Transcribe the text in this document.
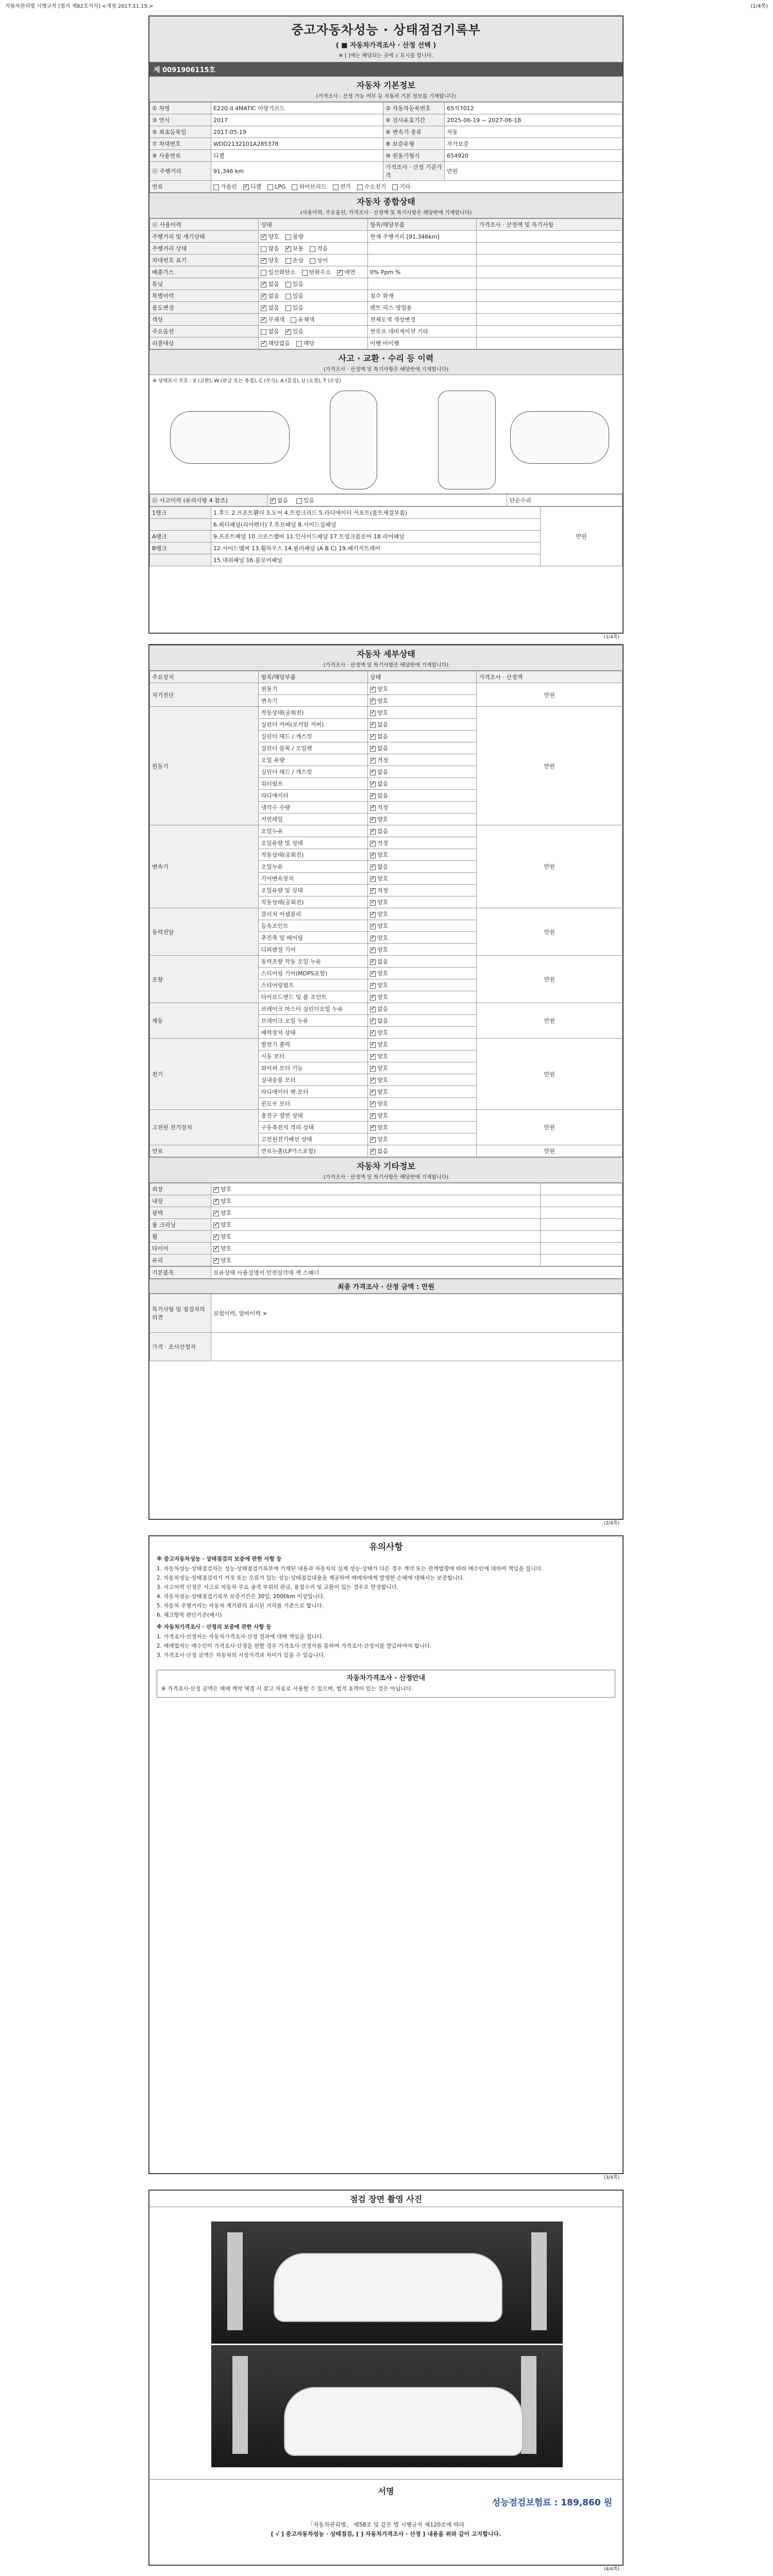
자동차관리법 시행규칙 [별지 제82호서식] <개정 2017.11.15.>	(1/4쪽)
중고자동차성능 · 상태점검기록부
( ■ 자동차가격조사 · 산정 선택 )
※ [ ]에는 해당되는 곳에 √ 표시를 합니다.
제 0091906115호
자동차 기본정보
(가격조사 · 산정 가능 여부 등 자동차 기본 정보를 기재합니다)
① 차명	E220 d 4MATIC 아방가르드	② 자동차등록번호	65저7012
③ 연식	2017	④ 검사유효기간	2025-06-19 ~ 2027-06-18
⑤ 최초등록일	2017-05-19	⑥ 변속기 종류	자동
⑦ 차대번호	WDD2132101A285378	⑧ 보증유형	자가보증
⑨ 사용연료	디젤	⑩ 원동기형식	654920
⑪ 주행거리	91,346 km	가격조사 · 산정 기준가격	만원
연료	가솔린 ✓ 디젤 LPG 하이브리드 전기 수소전기 기타
자동차 종합상태
(사용이력, 주요옵션, 가격조사 · 산정액 및 특기사항은 해당란에 기재합니다)
⑪ 사용이력	상태	항목/해당부품	가격조사 · 산정액 및 특기사항
주행거리 및 계기상태	✓양호 불량	현재 주행거리 [91,346km]	
주행거리 상태	많음 ✓ 보통 적음		
차대번호 표기	✓양호 손상 상이		
배출가스	일산화탄소 탄화수소 ✓ 매연	0% Ppm %	
튜닝	✓없음 있음		
특별이력	✓없음 있음	침수 화재	
용도변경	✓없음 있음	렌트 리스 영업용	
색상	✓무채색 유채색	전체도색 색상변경	
주요옵션	없음 ✓ 있음	썬루프 네비게이션 기타	
리콜대상	✓해당없음 해당	이행 미이행	
사고 · 교환 · 수리 등 이력
(가격조사 · 산정액 및 특기사항은 해당란에 기재합니다)
※ 상태표시 부호 : X (교환), W (판금 또는 용접), C (부식), A (흠집), U (요철), T (손상)
⑫ 사고이력 (유의사항 4 참조)	✓없음	있음	단순수리
1랭크	1.후드 2.프론트휀더 3.도어 4.트렁크리드 5.라디에이터 서포트(볼트체결부품)	만원
	6.쿼터패널(리어펜더) 7.루프패널 8.사이드실패널	
A랭크	9.프론트패널 10.크로스멤버 11.인사이드패널 17.트렁크플로어 18.리어패널	
B랭크	12.사이드멤버 13.휠하우스 14.필러패널 (A B C) 19.패키지트레이	
	15.대쉬패널 16.플로어패널	
(1/4쪽)
자동차 세부상태
(가격조사 · 산정액 및 특기사항은 해당란에 기재합니다)
주요장치	항목/해당부품	상태	가격조사 · 산정액
자기진단	원동기	✓양호	만원
	변속기	✓양호
원동기	작동상태(공회전)	✓양호	만원
	실린더 커버(로커암 커버)	✓없음
	실린더 헤드 / 개스킷	✓없음
	실린더 블록 / 오일팬	✓없음
	오일 유량	✓적정
	실린더 헤드 / 개스킷	✓없음
	워터펌프	✓없음
	라디에이터	✓없음
	냉각수 수량	✓적정
	커먼레일	✓양호
변속기	오일누유	✓없음	만원
	오일유량 및 상태	✓적정
	작동상태(공회전)	✓양호
	오일누유	✓없음
	기어변속장치	✓양호
	오일유량 및 상태	✓적정
	작동상태(공회전)	✓양호
동력전달	클러치 어셈블리	✓양호	만원
	등속조인트	✓양호
	추진축 및 베어링	✓양호
	디퍼렌셜 기어	✓양호
조향	동력조향 작동 오일 누유	✓없음	만원
	스티어링 기어(MDPS포함)	✓양호
	스티어링펌프	✓양호
	타이로드엔드 및 볼 조인트	✓양호
제동	브레이크 마스터 실린더오일 누유	✓없음	만원
	브레이크 오일 누유	✓없음
	배력장치 상태	✓양호
전기	발전기 출력	✓양호	만원
	시동 모터	✓양호
	와이퍼 모터 기능	✓양호
	실내송풍 모터	✓양호
	라디에이터 팬 모터	✓양호
	윈도우 모터	✓양호
고전원 전기장치	충전구 절연 상태	✓양호	만원
	구동축전지 격리 상태	✓양호
	고전원전기배선 상태	✓양호
연료	연료누출(LP가스포함)	✓없음	만원
자동차 기타정보
(가격조사 · 산정액 및 특기사항은 해당란에 기재합니다)
외장	✓양호	
내장	✓양호	
광택	✓양호	
룸 크리닝	✓양호	
휠	✓양호	
타이어	✓양호	
유리	✓양호	
기본품목	보유상태 사용설명서 안전삼각대 잭 스패너
최종 가격조사 · 산정 금액 : 만원
특기사항 및 점검자의 의견	보험이력, 압바이력 ×
가격 · 조사산정자	
(2/4쪽)
유의사항
※ 중고자동차성능 · 상태점검의 보증에 관한 사항 등
1. 자동차성능·상태점검자는 성능·상태점검기록부에 기재된 내용과 자동차의 실제 성능·상태가 다른 경우 계약 또는 관계법령에 따라 매수인에 대하여 책임을 집니다.
2. 자동차성능·상태점검자가 거짓 또는 오류가 있는 성능·상태점검내용을 제공하여 매매자에게 발생한 손해에 대해서는 보증합니다.
3. 사고이력 인정은 사고로 자동차 주요 골격 부위의 판금, 용접수리 및 교환이 있는 경우로 한정합니다.
4. 자동차성능·상태점검기록부 보증기간은 30일, 2000km 이상입니다.
5. 자동차 주행거리는 자동차 계기판의 표시된 거리를 기준으로 합니다.
6. 체크항목 판단기준(예시)
※ 자동차가격조사 · 산정의 보증에 관한 사항 등
1. 가격조사·산정자는 자동차가격조사·산정 결과에 대해 책임을 집니다.
2. 매매업자는 매수인이 가격조사·산정을 원할 경우 가격조사·산정자를 통하여 가격조사·산정서를 발급하여야 합니다.
3. 가격조사·산정 금액은 자동차의 시장가격과 차이가 있을 수 있습니다.
자동차가격조사 · 산정안내
※ 가격조사·산정 금액은 매매 계약 체결 시 참고 자료로 사용할 수 있으며, 법적 효력이 있는 것은 아닙니다.
(3/4쪽)
점검 장면 촬영 사진
서명
성능점검보험료 : 189,860 원
「자동차관리법」 제58조 및 같은 법 시행규칙 제120조에 따라
[ √ ] 중고자동차성능 · 상태점검, [ ] 자동차가격조사 · 산정 ] 내용을 위와 같이 고지합니다.
(4/4쪽)
